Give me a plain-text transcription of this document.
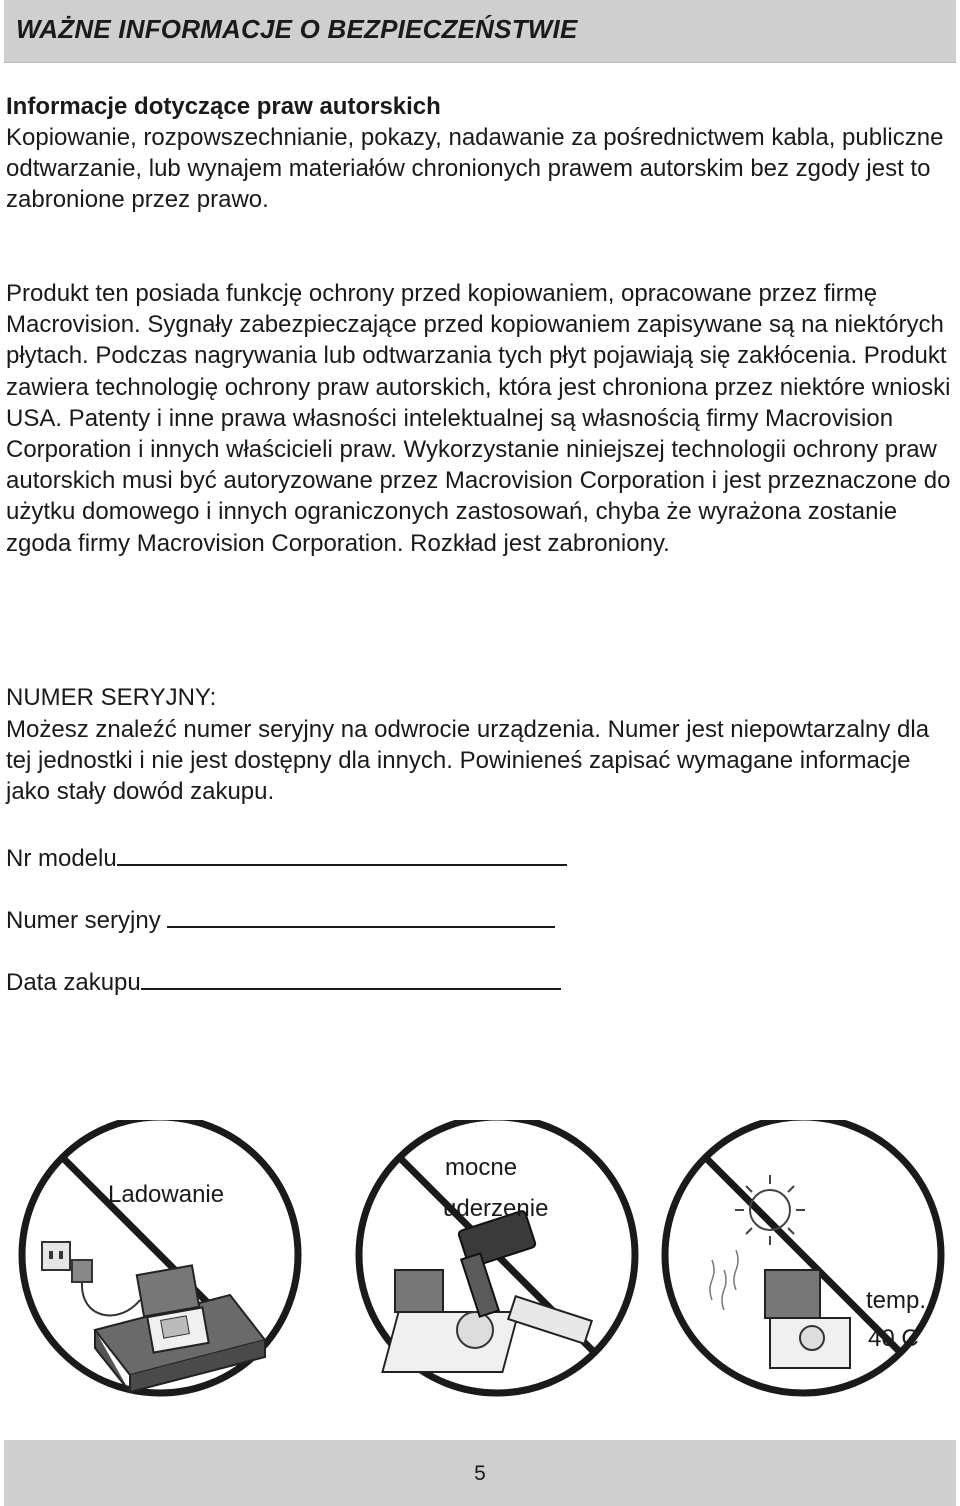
WAŻNE INFORMACJE O BEZPIECZEŃSTWIE
Informacje dotyczące praw autorskich
Kopiowanie, rozpowszechnianie, pokazy, nadawanie za pośrednictwem kabla, publiczne odtwarzanie, lub wynajem materiałów chronionych prawem autorskim bez zgody jest to zabronione przez prawo.
Produkt ten posiada funkcję ochrony przed kopiowaniem, opracowane przez firmę Macrovision. Sygnały zabezpieczające przed kopiowaniem zapisywane są na niektórych płytach. Podczas nagrywania lub odtwarzania tych płyt pojawiają się zakłócenia. Produkt zawiera technologię ochrony praw autorskich, która jest chroniona przez niektóre wnioski USA. Patenty i inne prawa własności intelektualnej są własnością firmy Macrovision Corporation i innych właścicieli praw. Wykorzystanie niniejszej technologii ochrony praw autorskich musi być autoryzowane przez Macrovision Corporation i jest przeznaczone do użytku domowego i innych ograniczonych zastosowań, chyba że wyrażona zostanie zgoda firmy Macrovision Corporation. Rozkład jest zabroniony.
NUMER SERYJNY:
Możesz znaleźć numer seryjny na odwrocie urządzenia. Numer jest niepowtarzalny dla tej jednostki i nie jest dostępny dla innych. Powinieneś zapisać wymagane informacje jako stały dowód zakupu.
Nr modelu
Numer seryjny
Data zakupu
Ladowanie
mocne
uderzenie
temp.
40 C
5
